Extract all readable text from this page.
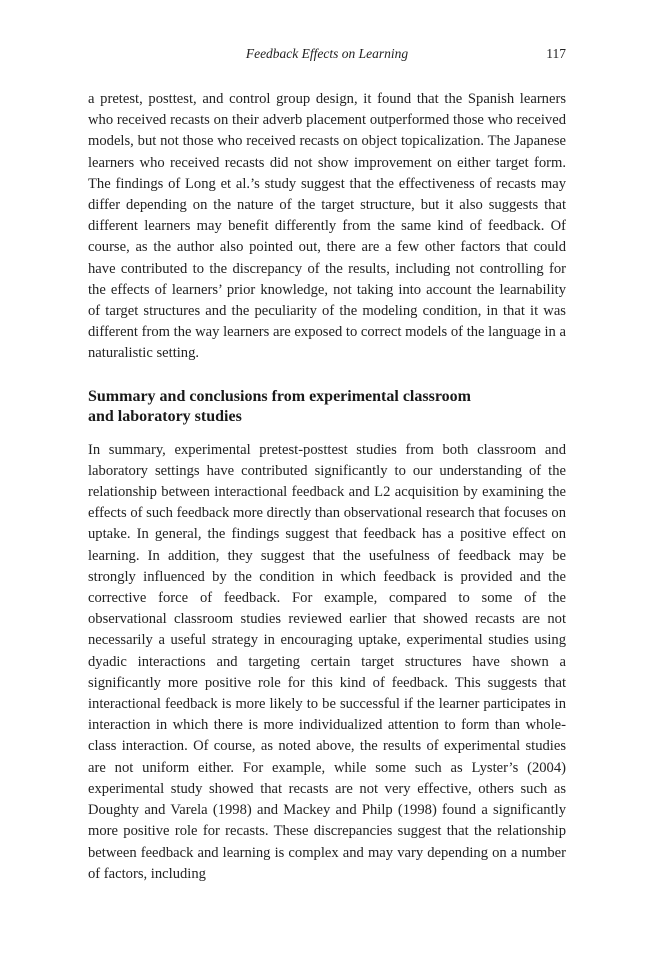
Feedback Effects on Learning	117

a pretest, posttest, and control group design, it found that the Spanish learners who received recasts on their adverb placement outperformed those who received models, but not those who received recasts on object topicalization. The Japanese learners who received recasts did not show improvement on either target form. The findings of Long et al.’s study suggest that the effectiveness of recasts may differ depending on the nature of the target structure, but it also suggests that different learners may benefit differently from the same kind of feedback. Of course, as the author also pointed out, there are a few other factors that could have contributed to the discrepancy of the results, including not controlling for the effects of learners’ prior knowledge, not taking into account the learnability of target structures and the peculiarity of the modeling condition, in that it was different from the way learners are exposed to correct models of the language in a naturalistic setting.

Summary and conclusions from experimental classroom
and laboratory studies

In summary, experimental pretest-posttest studies from both classroom and laboratory settings have contributed significantly to our understanding of the relationship between interactional feedback and L2 acquisition by examining the effects of such feedback more directly than observational research that focuses on uptake. In general, the findings suggest that feedback has a positive effect on learning. In addition, they suggest that the usefulness of feedback may be strongly influenced by the condition in which feedback is provided and the corrective force of feedback. For example, compared to some of the observational classroom studies reviewed earlier that showed recasts are not necessarily a useful strategy in encouraging uptake, experimental studies using dyadic interactions and targeting certain target structures have shown a significantly more positive role for this kind of feedback. This suggests that interactional feedback is more likely to be successful if the learner participates in interaction in which there is more individualized attention to form than whole-class interaction. Of course, as noted above, the results of experimental studies are not uniform either. For example, while some such as Lyster’s (2004) experimental study showed that recasts are not very effective, others such as Doughty and Varela (1998) and Mackey and Philp (1998) found a significantly more positive role for recasts. These discrepancies suggest that the relationship between feedback and learning is complex and may vary depending on a number of factors, including
